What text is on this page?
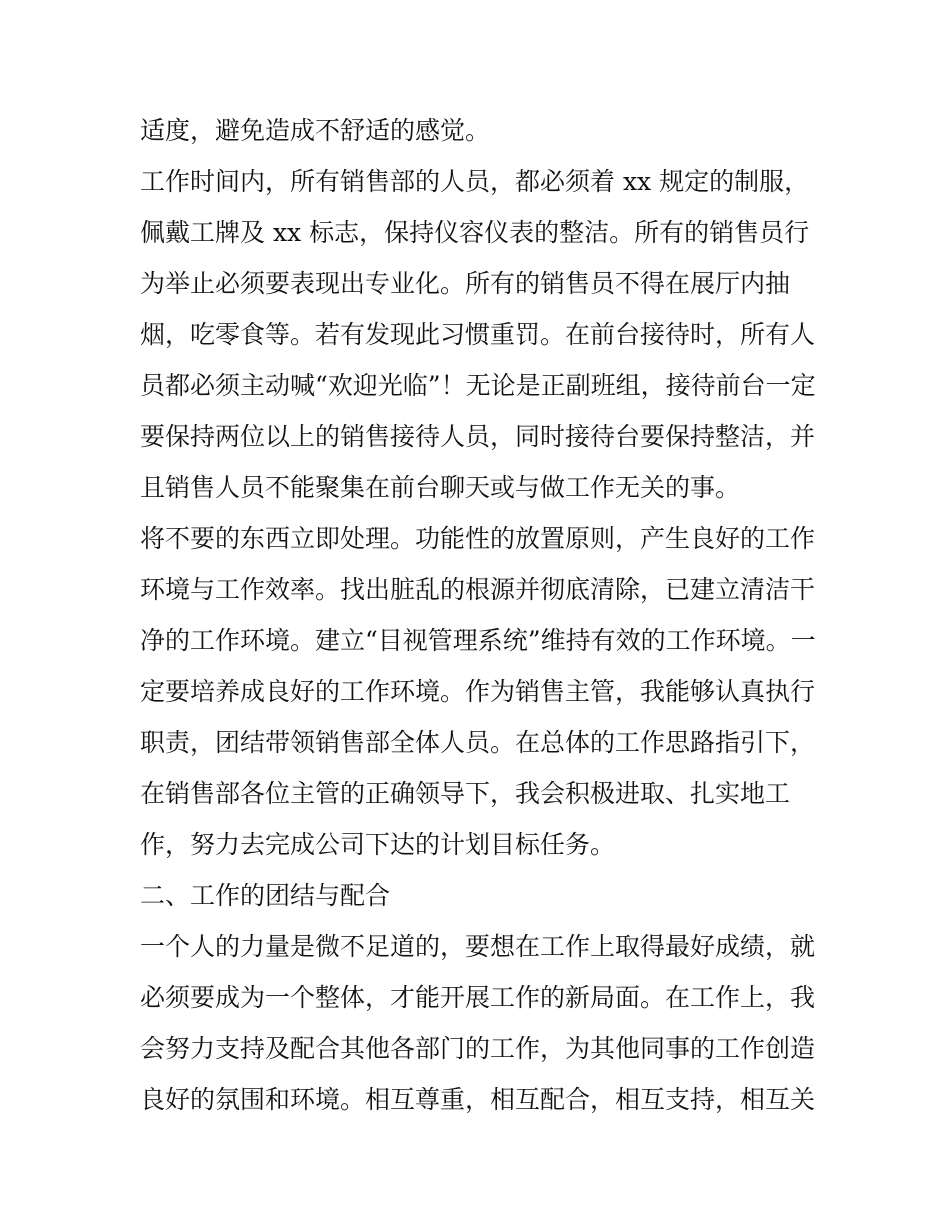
适度，避免造成不舒适的感觉。
工作时间内，所有销售部的人员，都必须着 xx 规定的制服，
佩戴工牌及 xx 标志，保持仪容仪表的整洁。所有的销售员行
为举止必须要表现出专业化。所有的销售员不得在展厅内抽
烟，吃零食等。若有发现此习惯重罚。在前台接待时，所有人
员都必须主动喊“欢迎光临”！无论是正副班组，接待前台一定
要保持两位以上的销售接待人员，同时接待台要保持整洁，并
且销售人员不能聚集在前台聊天或与做工作无关的事。
将不要的东西立即处理。功能性的放置原则，产生良好的工作
环境与工作效率。找出脏乱的根源并彻底清除，已建立清洁干
净的工作环境。建立“目视管理系统”维持有效的工作环境。一
定要培养成良好的工作环境。作为销售主管，我能够认真执行
职责，团结带领销售部全体人员。在总体的工作思路指引下，
在销售部各位主管的正确领导下，我会积极进取、扎实地工
作，努力去完成公司下达的计划目标任务。
二、工作的团结与配合
一个人的力量是微不足道的，要想在工作上取得最好成绩，就
必须要成为一个整体，才能开展工作的新局面。在工作上，我
会努力支持及配合其他各部门的工作，为其他同事的工作创造
良好的氛围和环境。相互尊重，相互配合，相互支持，相互关
